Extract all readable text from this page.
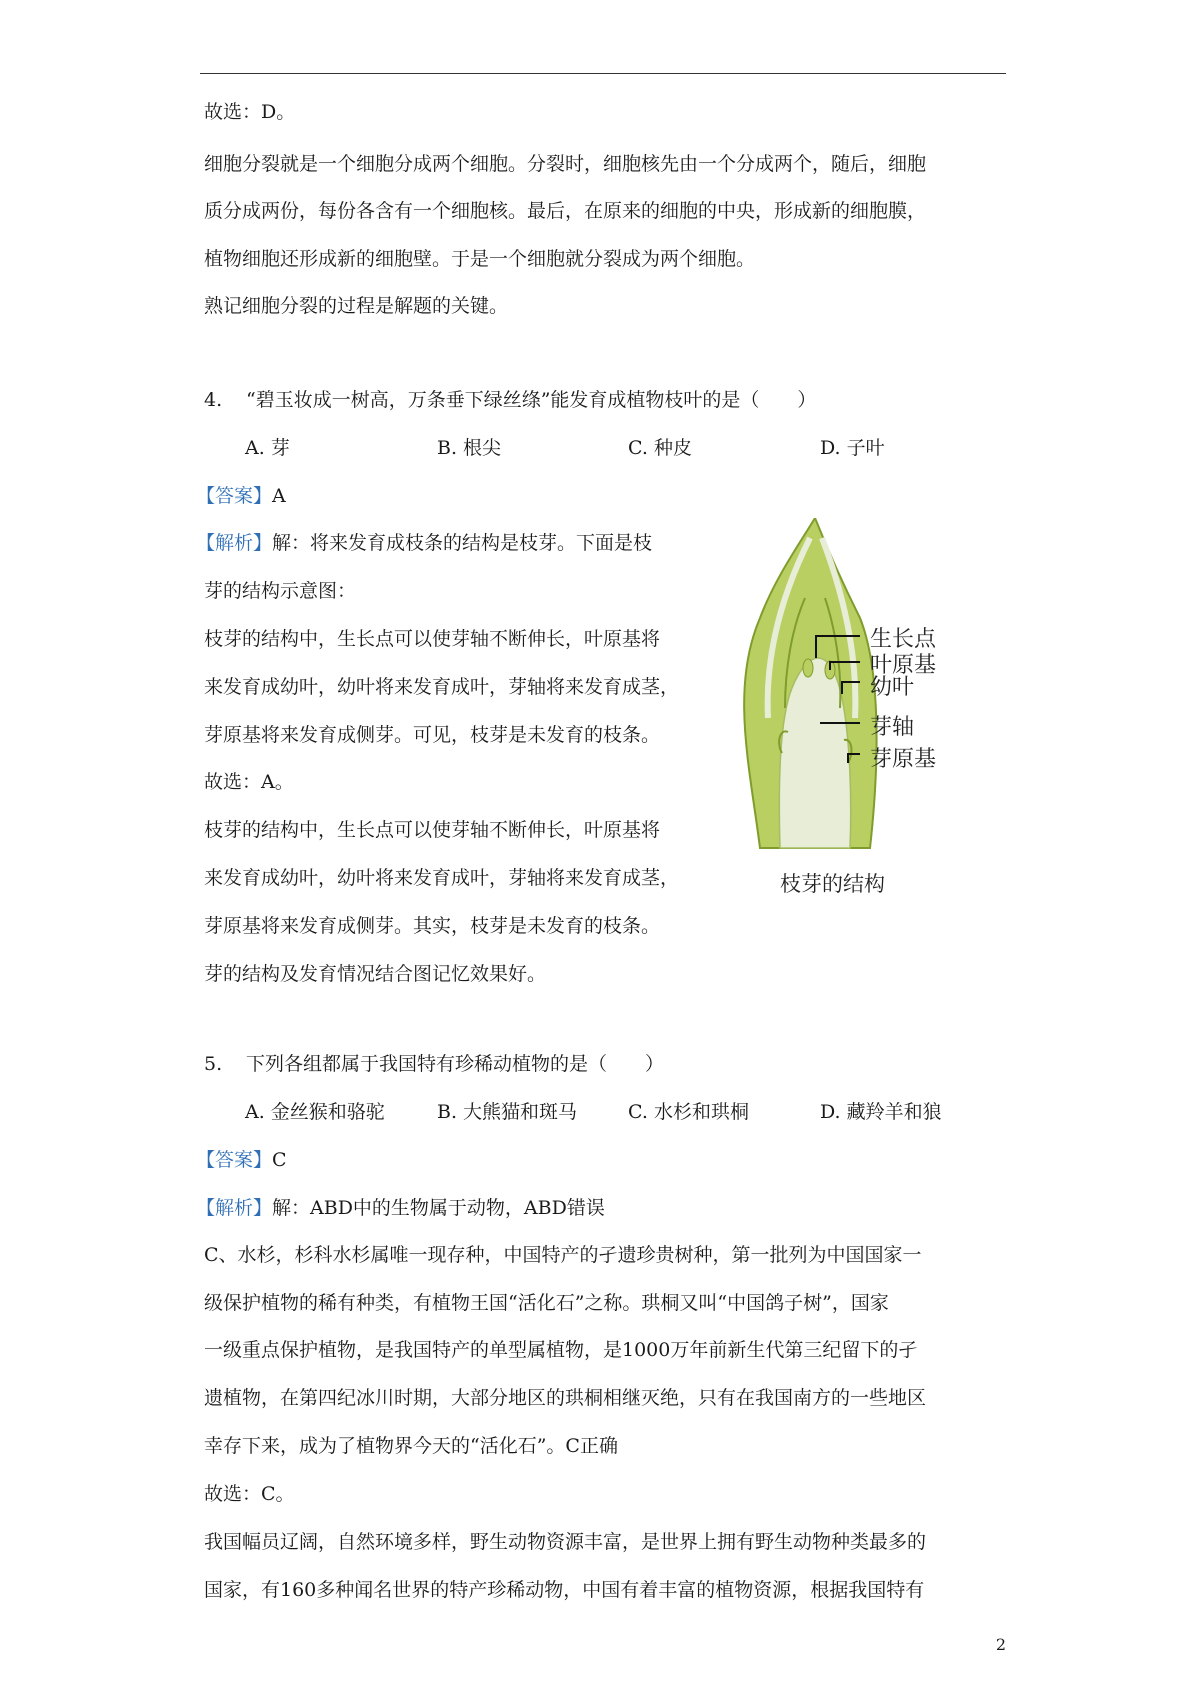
故选：D。
细胞分裂就是一个细胞分成两个细胞。分裂时，细胞核先由一个分成两个，随后，细胞
质分成两份，每份各含有一个细胞核。最后，在原来的细胞的中央，形成新的细胞膜，
植物细胞还形成新的细胞壁。于是一个细胞就分裂成为两个细胞。
熟记细胞分裂的过程是解题的关键。
4. “碧玉妆成一树高，万条垂下绿丝绦”能发育成植物枝叶的是（　　）
A. 芽	B. 根尖	C. 种皮	D. 子叶
【答案】A
【解析】解：将来发育成枝条的结构是枝芽。下面是枝
芽的结构示意图：
枝芽的结构中，生长点可以使芽轴不断伸长，叶原基将
来发育成幼叶，幼叶将来发育成叶，芽轴将来发育成茎，
芽原基将来发育成侧芽。可见，枝芽是未发育的枝条。
故选：A。
枝芽的结构中，生长点可以使芽轴不断伸长，叶原基将
来发育成幼叶，幼叶将来发育成叶，芽轴将来发育成茎，
芽原基将来发育成侧芽。其实，枝芽是未发育的枝条。
芽的结构及发育情况结合图记忆效果好。
生长点
叶原基
幼叶
芽轴
芽原基
枝芽的结构
5. 下列各组都属于我国特有珍稀动植物的是（　　）
A. 金丝猴和骆驼	B. 大熊猫和斑马	C. 水杉和珙桐	D. 藏羚羊和狼
【答案】C
【解析】解：ABD中的生物属于动物，ABD错误
C、水杉，杉科水杉属唯一现存种，中国特产的孑遗珍贵树种，第一批列为中国国家一
级保护植物的稀有种类，有植物王国“活化石”之称。珙桐又叫“中国鸽子树”，国家
一级重点保护植物，是我国特产的单型属植物，是1000万年前新生代第三纪留下的孑
遗植物，在第四纪冰川时期，大部分地区的珙桐相继灭绝，只有在我国南方的一些地区
幸存下来，成为了植物界今天的“活化石”。C正确
故选：C。
我国幅员辽阔，自然环境多样，野生动物资源丰富，是世界上拥有野生动物种类最多的
国家，有160多种闻名世界的特产珍稀动物，中国有着丰富的植物资源，根据我国特有
2
